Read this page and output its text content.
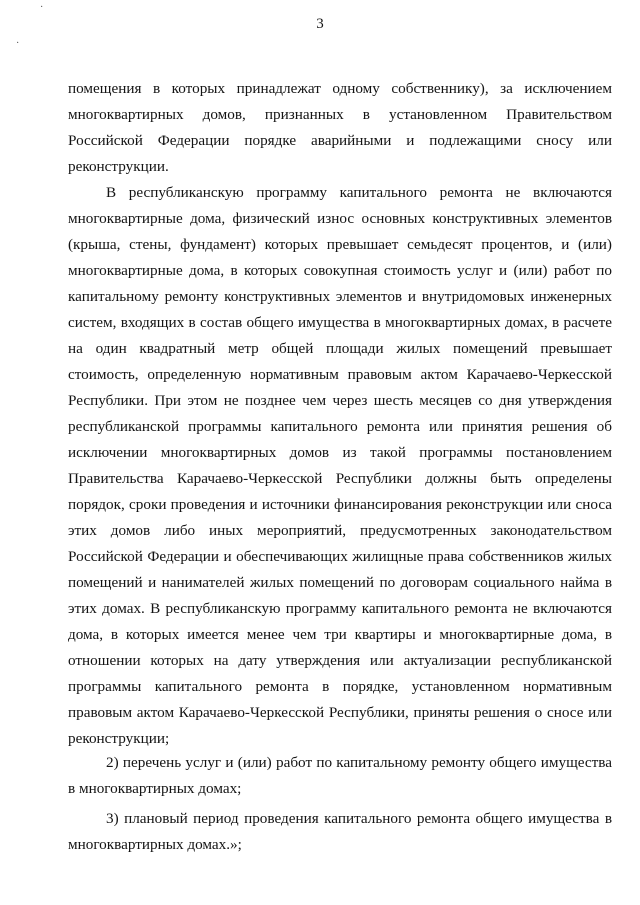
·
·
3

помещения в которых принадлежат одному собственнику), за исключением многоквартирных домов, признанных в установленном Правительством Российской Федерации порядке аварийными и подлежащими сносу или реконструкции.

В республиканскую программу капитального ремонта не включаются многоквартирные дома, физический износ основных конструктивных элементов (крыша, стены, фундамент) которых превышает семьдесят процентов, и (или) многоквартирные дома, в которых совокупная стоимость услуг и (или) работ по капитальному ремонту конструктивных элементов и внутридомовых инженерных систем, входящих в состав общего имущества в многоквартирных домах, в расчете на один квадратный метр общей площади жилых помещений превышает стоимость, определенную нормативным правовым актом Карачаево-Черкесской Республики. При этом не позднее чем через шесть месяцев со дня утверждения республиканской программы капитального ремонта или принятия решения об исключении многоквартирных домов из такой программы постановлением Правительства Карачаево-Черкесской Республики должны быть определены порядок, сроки проведения и источники финансирования реконструкции или сноса этих домов либо иных мероприятий, предусмотренных законодательством Российской Федерации и обеспечивающих жилищные права собственников жилых помещений и нанимателей жилых помещений по договорам социального найма в этих домах. В республиканскую программу капитального ремонта не включаются дома, в которых имеется менее чем три квартиры и многоквартирные дома, в отношении которых на дату утверждения или актуализации республиканской программы капитального ремонта в порядке, установленном нормативным правовым актом Карачаево-Черкесской Республики, приняты решения о сносе или реконструкции;

2) перечень услуг и (или) работ по капитальному ремонту общего имущества в многоквартирных домах;

3) плановый период проведения капитального ремонта общего имущества в многоквартирных домах.»;
